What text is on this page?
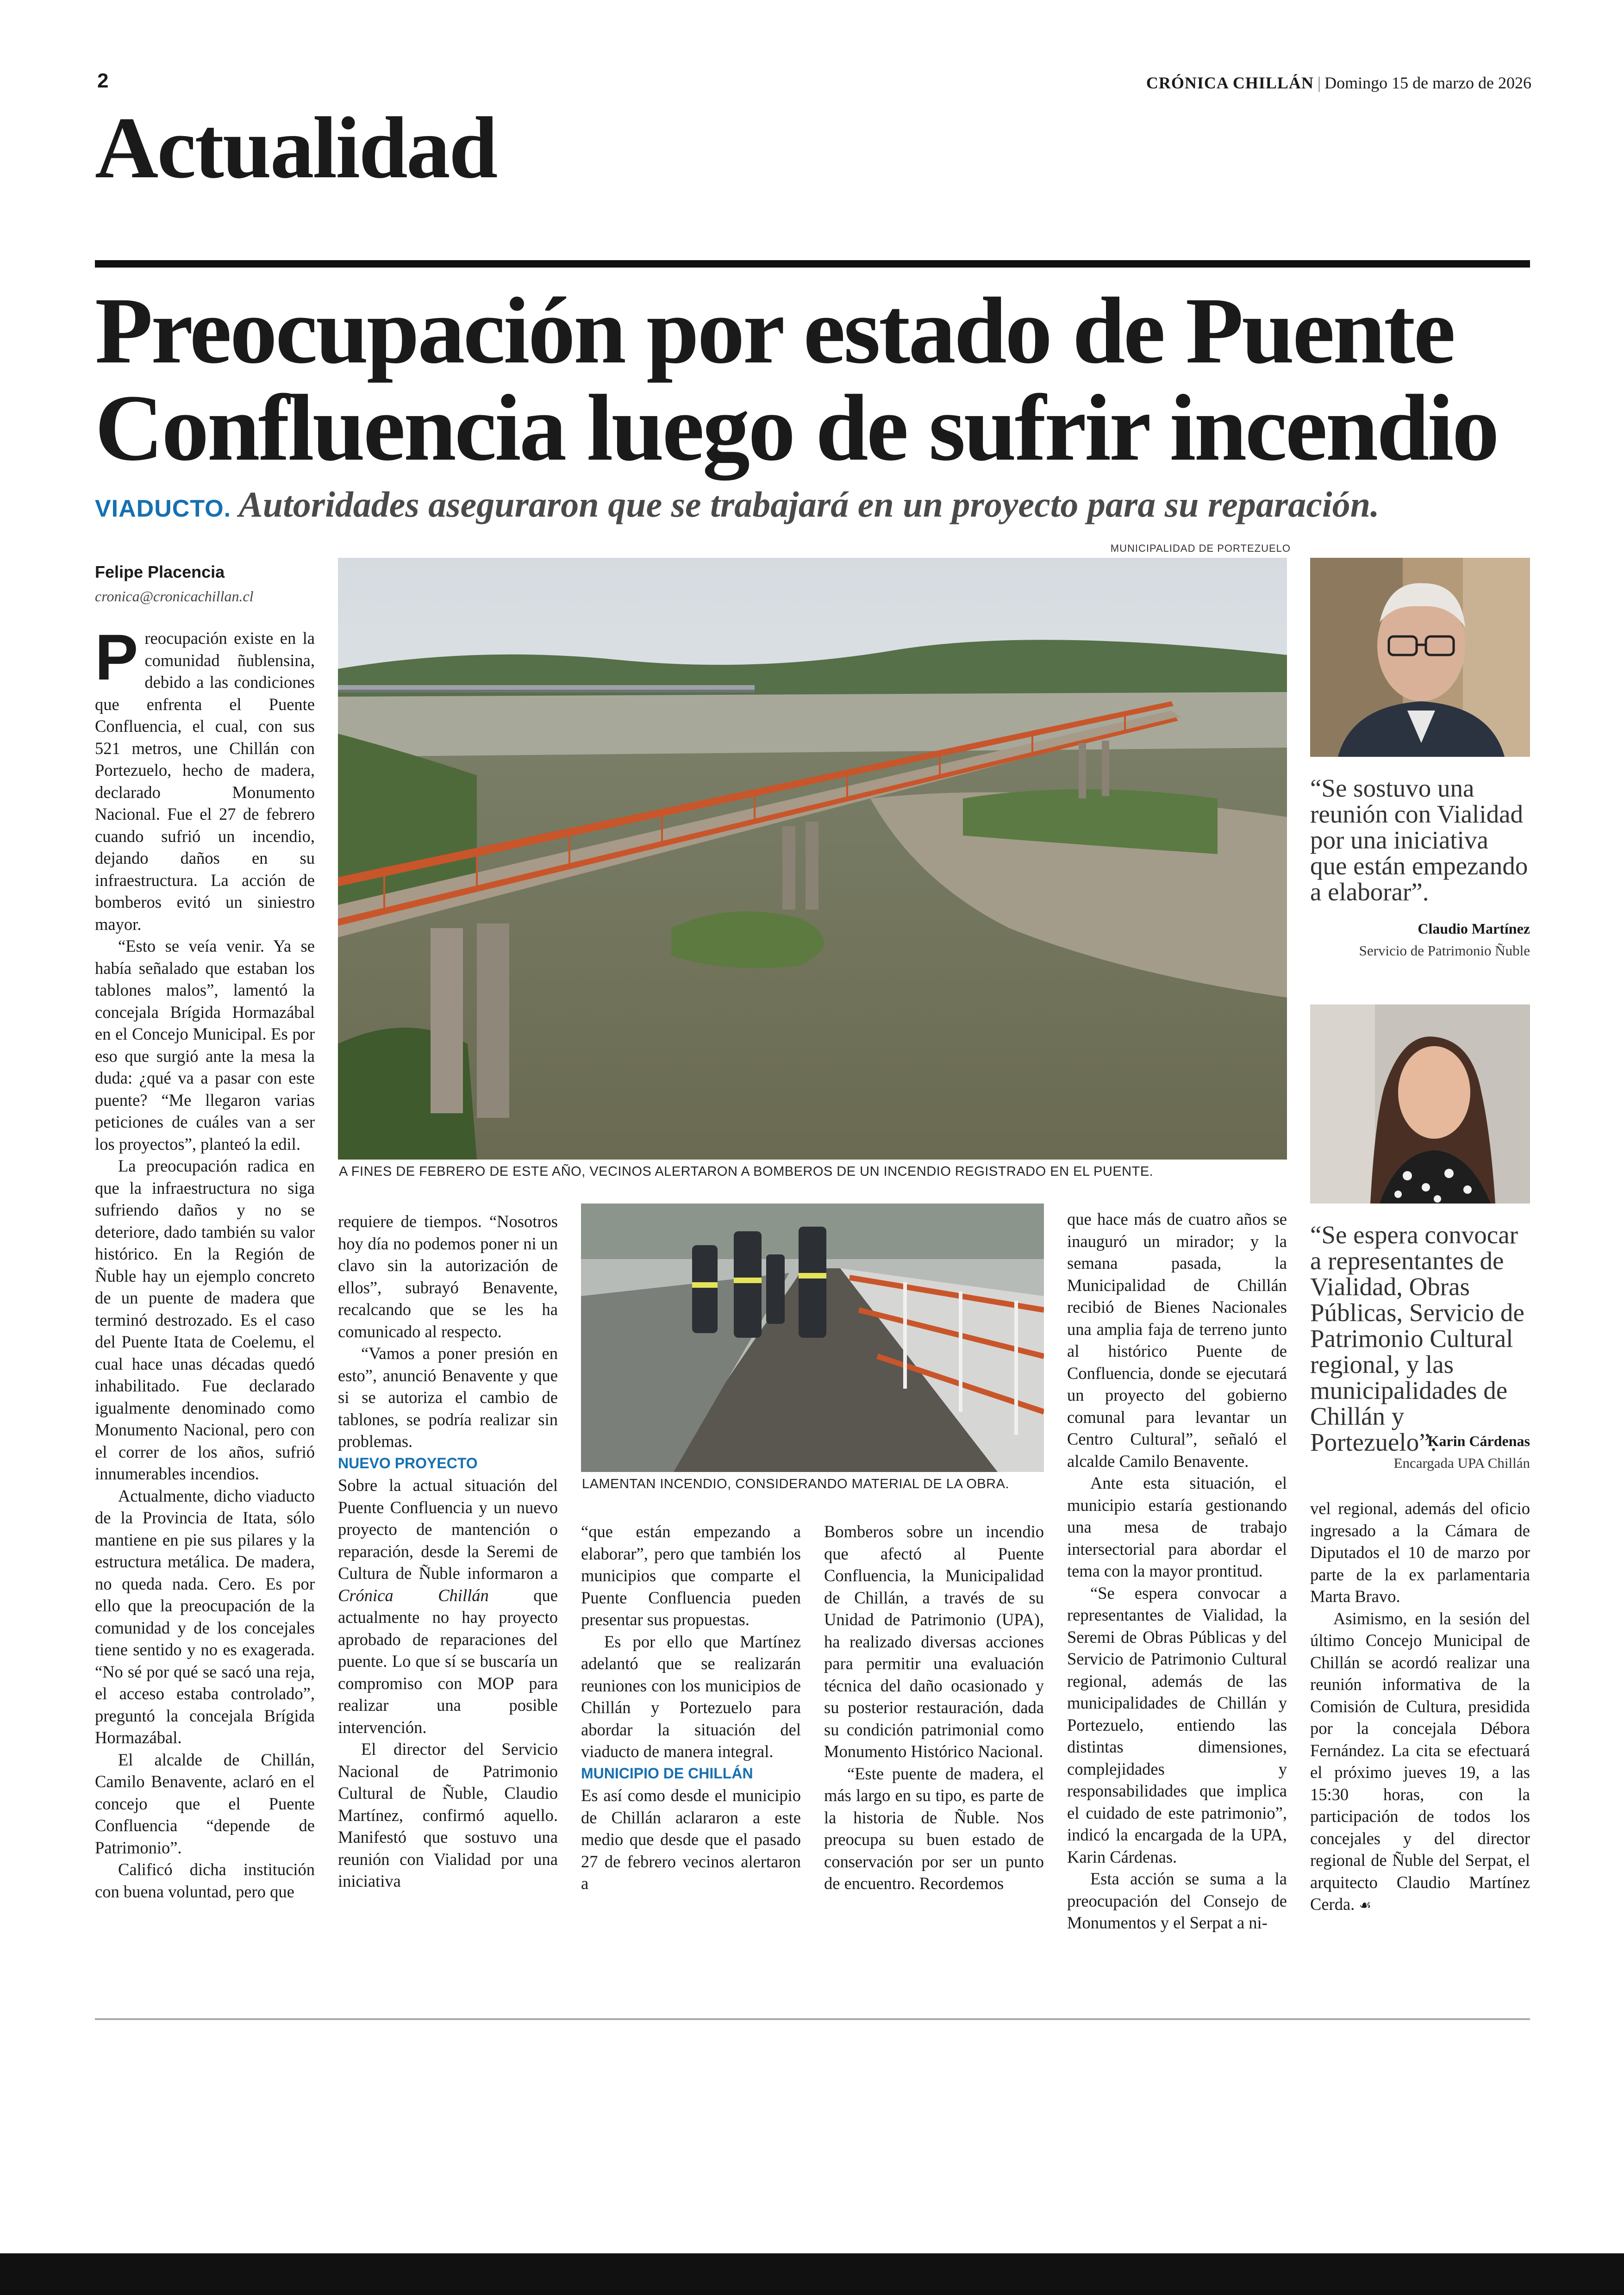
2	CRÓNICA CHILLÁN | Domingo 15 de marzo de 2026
Actualidad
Preocupación por estado de Puente Confluencia luego de sufrir incendio
VIADUCTO. Autoridades aseguraron que se trabajará en un proyecto para su reparación.
Felipe Placencia
cronica@cronicachillan.cl
MUNICIPALIDAD DE PORTEZUELO
A FINES DE FEBRERO DE ESTE AÑO, VECINOS ALERTARON A BOMBEROS DE UN INCENDIO REGISTRADO EN EL PUENTE.
LAMENTAN INCENDIO, CONSIDERANDO MATERIAL DE LA OBRA.
P reocupación existe en la comunidad ñublensina, debido a las condiciones que enfrenta el Puente Confluencia, el cual, con sus 521 metros, une Chillán con Portezuelo, hecho de madera, declarado Monumento Nacional. Fue el 27 de febrero cuando sufrió un incendio, dejando daños en su infraestructura. La acción de bomberos evitó un siniestro mayor.

“Esto se veía venir. Ya se había señalado que estaban los tablones malos”, lamentó la concejala Brígida Hormazábal en el Concejo Municipal. Es por eso que surgió ante la mesa la duda: ¿qué va a pasar con este puente? “Me llegaron varias peticiones de cuáles van a ser los proyectos”, planteó la edil.

La preocupación radica en que la infraestructura no siga sufriendo daños y no se deteriore, dado también su valor histórico. En la Región de Ñuble hay un ejemplo concreto de un puente de madera que terminó destrozado. Es el caso del Puente Itata de Coelemu, el cual hace unas décadas quedó inhabilitado. Fue declarado igualmente denominado como Monumento Nacional, pero con el correr de los años, sufrió innumerables incendios.

Actualmente, dicho viaducto de la Provincia de Itata, sólo mantiene en pie sus pilares y la estructura metálica. De madera, no queda nada. Cero. Es por ello que la preocupación de la comunidad y de los concejales tiene sentido y no es exagerada. “No sé por qué se sacó una reja, el acceso estaba controlado”, preguntó la concejala Brígida Hormazábal.

El alcalde de Chillán, Camilo Benavente, aclaró en el concejo que el Puente Confluencia “depende de Patrimonio”.

Calificó dicha institución con buena voluntad, pero que

requiere de tiempos. “Nosotros hoy día no podemos poner ni un clavo sin la autorización de ellos”, subrayó Benavente, recalcando que se les ha comunicado al respecto.

“Vamos a poner presión en esto”, anunció Benavente y que si se autoriza el cambio de tablones, se podría realizar sin problemas.

NUEVO PROYECTO

Sobre la actual situación del Puente Confluencia y un nuevo proyecto de mantención o reparación, desde la Seremi de Cultura de Ñuble informaron a Crónica Chillán	que actualmente no hay proyecto aprobado de reparaciones del puente. Lo que sí se buscaría un compromiso con MOP para realizar una posible intervención.

El director del Servicio Nacional de Patrimonio Cultural de Ñuble, Claudio Martínez, confirmó aquello. Manifestó que sostuvo una reunión con Vialidad por una iniciativa

“que están empezando a elaborar”, pero que también los municipios que comparte el Puente Confluencia pueden presentar sus propuestas.

Es por ello que Martínez adelantó que se realizarán reuniones con los municipios de Chillán y Portezuelo para abordar la situación del viaducto de manera integral.

MUNICIPIO DE CHILLÁN

Es así como desde el municipio de Chillán aclararon a este medio que desde que el pasado 27 de febrero vecinos alertaron a

Bomberos sobre un incendio que afectó al Puente Confluencia, la Municipalidad de Chillán, a través de su Unidad de Patrimonio (UPA), ha realizado diversas acciones para permitir una evaluación técnica del daño ocasionado y su posterior restauración, dada su condición patrimonial como Monumento Histórico Nacional.

“Este puente de madera, el más largo en su tipo, es parte de la historia de Ñuble. Nos preocupa su buen estado de conservación por ser un punto de encuentro. Recordemos

que hace más de cuatro años se inauguró un mirador; y la semana pasada, la Municipalidad de Chillán recibió de Bienes Nacionales una amplia faja de terreno junto al histórico Puente de Confluencia, donde se ejecutará un proyecto del gobierno comunal para levantar un Centro Cultural”, señaló el alcalde Camilo Benavente.

Ante esta situación, el municipio estaría gestionando una mesa de trabajo intersectorial para abordar el tema con la mayor prontitud.

“Se espera convocar a representantes de Vialidad, la Seremi de Obras Públicas y del Servicio de Patrimonio Cultural regional, además de las municipalidades de Chillán y Portezuelo, entiendo las distintas dimensiones, complejidades y responsabilidades que implica el cuidado de este patrimonio”, indicó la encargada de la UPA, Karin Cárdenas.

Esta acción se suma a la preocupación del Consejo de Monumentos y el Serpat a ni-

vel regional, además del oficio ingresado a la Cámara de Diputados el 10 de marzo por parte de la ex parlamentaria Marta Bravo.

Asimismo, en la sesión del último Concejo Municipal de Chillán se acordó realizar una reunión informativa de la Comisión de Cultura, presidida por la concejala Débora Fernández. La cita se efectuará el próximo jueves 19, a las 15:30 horas, con la participación de todos los concejales y del director regional de Ñuble del Serpat, el arquitecto Claudio Martínez Cerda. ☙

“Se sostuvo una reunión con Vialidad por una iniciativa que están empezando a elaborar”.
Claudio Martínez
Servicio de Patrimonio Ñuble
“Se espera convocar a representantes de Vialidad, Obras Públicas, Servicio de Patrimonio Cultural regional, y las municipalidades de Chillán y Portezuelo”.
Karin Cárdenas
Encargada UPA Chillán
